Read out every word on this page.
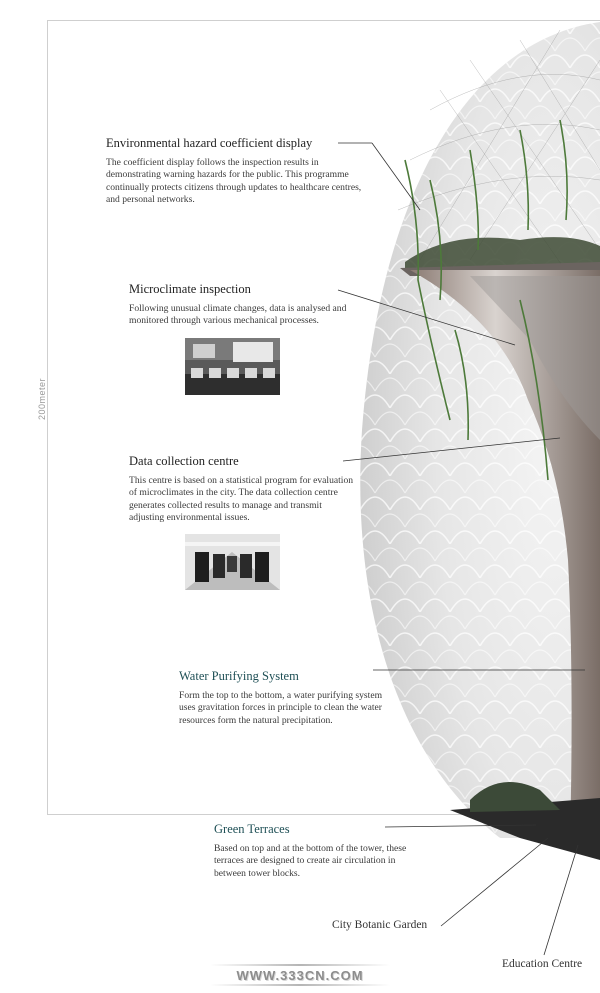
200meter
Environmental hazard coefficient display

The coefficient display follows the inspection results in demonstrating warning hazards for the public. This programme continually protects citizens through updates to healthcare centres, and personal networks.

Microclimate inspection

Following unusual climate changes, data is analysed and monitored through various mechanical processes.

Data collection centre

This centre is based on a statistical program for evaluation of microclimates in the city. The data collection centre generates collected results to manage and transmit adjusting environmental issues.

Water Purifying System

Form the top to the bottom, a water purifying system uses gravitation forces in principle to clean the water resources form the natural precipitation.

Green Terraces

Based on top and at the bottom of the tower, these terraces are designed to create air circulation in between tower blocks.

City Botanic Garden
Education Centre
WWW.333CN.COM
